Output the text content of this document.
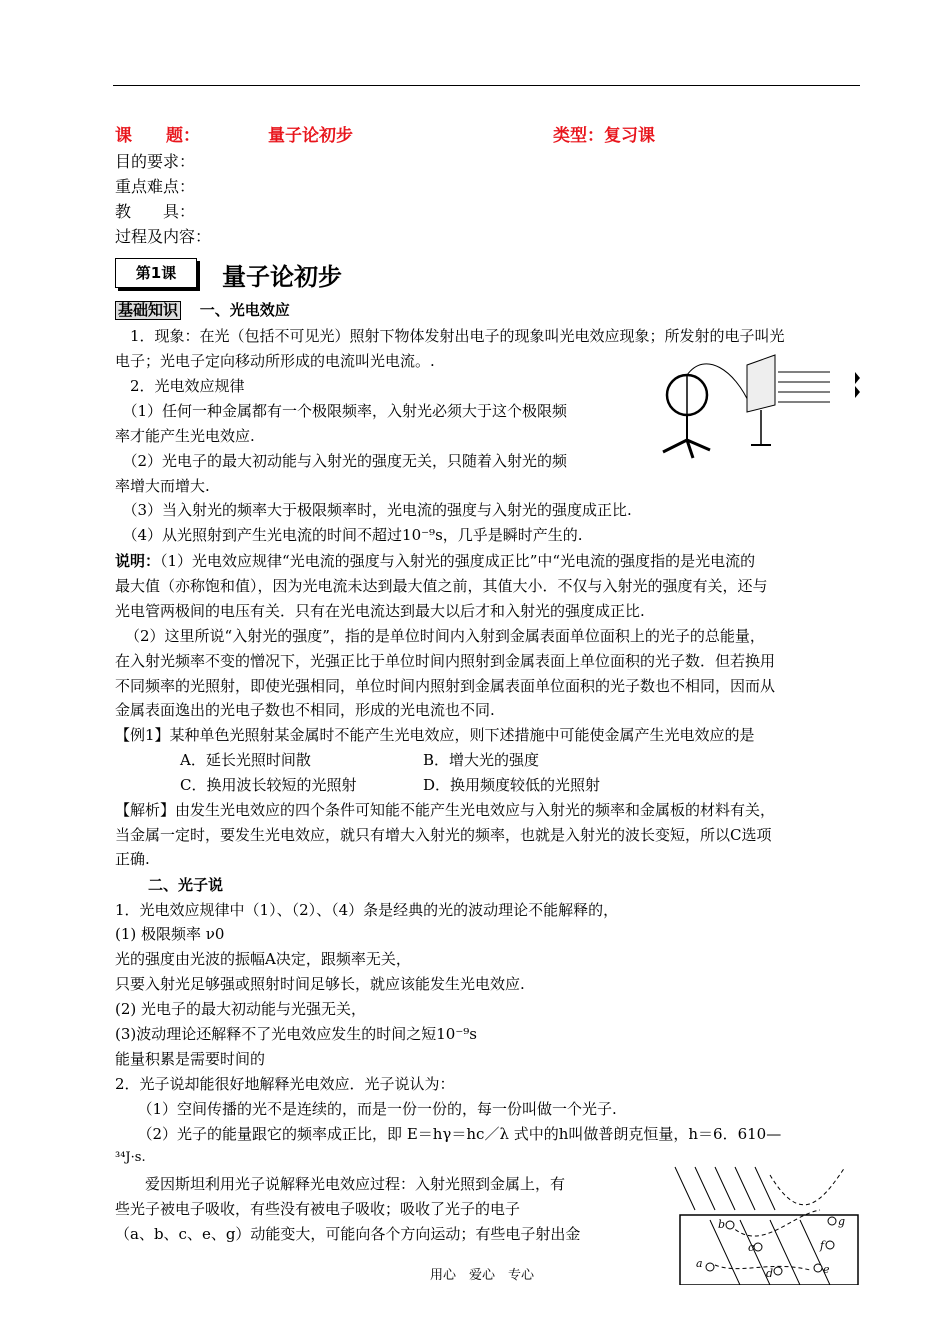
课　　题：	量子论初步	类型：复习课
目的要求：
重点难点：
教　　具：
过程及内容：
第1课	量子论初步
基础知识 一、光电效应
　1．现象：在光（包括不可见光）照射下物体发射出电子的现象叫光电效应现象；所发射的电子叫光
电子；光电子定向移动所形成的电流叫光电流。.
　2．光电效应规律
　（1）任何一种金属都有一个极限频率，入射光必须大于这个极限频
率才能产生光电效应.
　（2）光电子的最大初动能与入射光的强度无关，只随着入射光的频
率增大而增大.
　（3）当入射光的频率大于极限频率时，光电流的强度与入射光的强度成正比.
　（4）从光照射到产生光电流的时间不超过10⁻⁹s，几乎是瞬时产生的.
说明：（1）光电效应规律“光电流的强度与入射光的强度成正比”中“光电流的强度指的是光电流的
最大值（亦称饱和值），因为光电流未达到最大值之前，其值大小．不仅与入射光的强度有关，还与
光电管两极间的电压有关．只有在光电流达到最大以后才和入射光的强度成正比.
（2）这里所说“入射光的强度”，指的是单位时间内入射到金属表面单位面积上的光子的总能量，
在入射光频率不变的憎况下，光强正比于单位时间内照射到金属表面上单位面积的光子数．但若换用
不同频率的光照射，即使光强相同，单位时间内照射到金属表面单位面积的光子数也不相同，因而从
金属表面逸出的光电子数也不相同，形成的光电流也不同.
【例1】某种单色光照射某金属时不能产生光电效应，则下述措施中可能使金属产生光电效应的是
A．延长光照时间散	B．增大光的强度
C．换用波长较短的光照射	D．换用频度较低的光照射
【解析】由发生光电效应的四个条件可知能不能产生光电效应与入射光的频率和金属板的材料有关，
当金属一定时，要发生光电效应，就只有增大入射光的频率，也就是入射光的波长变短，所以C选项
正确.
二、光子说
1．光电效应规律中（1）、（2）、（4）条是经典的光的波动理论不能解释的，
(1) 极限频率 ν0
光的强度由光波的振幅A决定，跟频率无关，
只要入射光足够强或照射时间足够长，就应该能发生光电效应.
(2) 光电子的最大初动能与光强无关，
(3)波动理论还解释不了光电效应发生的时间之短10⁻⁹s
能量积累是需要时间的
2．光子说却能很好地解释光电效应．光子说认为：
　　（1）空间传播的光不是连续的，而是一份一份的，每一份叫做一个光子.
　　（2）光子的能量跟它的频率成正比，即 E＝hγ＝hc／λ 式中的h叫做普朗克恒量，h＝6．610—
³⁴J·s.
　　爱因斯坦利用光子说解释光电效应过程：入射光照到金属上，有
些光子被电子吸收，有些没有被电子吸收；吸收了光子的电子
（a、b、c、e、g）动能变大，可能向各个方向运动；有些电子射出金
b
c
g
f
a
d	e
用心　爱心　专心
